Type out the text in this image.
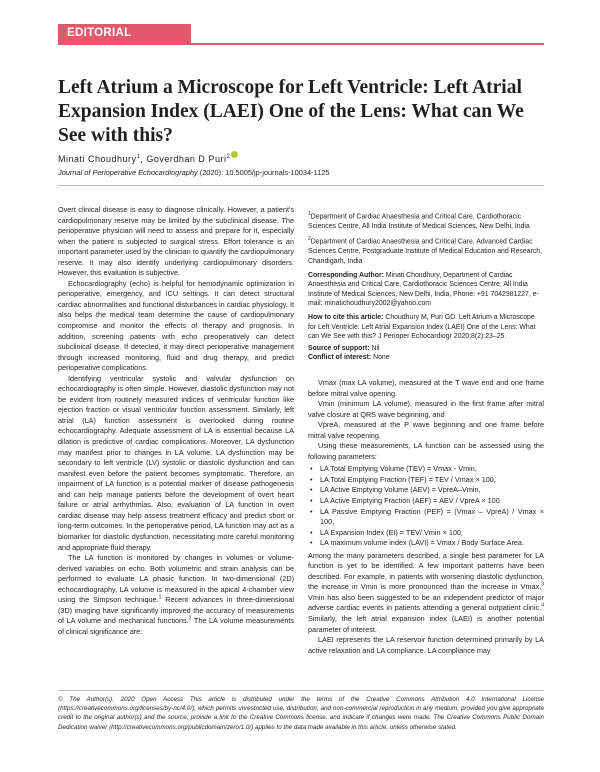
EDITORIAL
Left Atrium a Microscope for Left Ventricle: Left Atrial Expansion Index (LAEI) One of the Lens: What can We See with this?
Minati Choudhury$^1$, Goverdhan D Puri$^2$
Journal of Perioperative Echocardiography (2020): 10.5005/jp-journals-10034-1125

Overt clinical disease is easy to diagnose clinically. However, a patient's cardiopulmonary reserve may be limited by the subclinical disease. The perioperative physician will need to assess and prepare for it, especially when the patient is subjected to surgical stress. Effort tolerance is an important parameter used by the clinician to quantify the cardiopulmonary reserve. It may also identify underlying cardiopulmonary disorders. However, this evaluation is subjective.

Echocardiography (echo) is helpful for hemodynamic optimization in perioperative, emergency, and ICU settings. It can detect structural cardiac abnormalities and functional disturbances in cardiac physiology. It also helps the medical team determine the cause of cardiopulmonary compromise and monitor the effects of therapy and prognosis. In addition, screening patients with echo preoperatively can detect subclinical disease. If detected, it may direct perioperative management through increased monitoring, fluid and drug therapy, and predict perioperative complications.

Identifying ventricular systolic and valvular dysfunction on echocardiography is often simple. However, diastolic dysfunction may not be evident from routinely measured indices of ventricular function like ejection fraction or visual ventricular function assessment. Similarly, left atrial (LA) function assessment is overlooked during routine echocardiography. Adequate assessment of LA is essential because LA dilation is predictive of cardiac complications. Moreover, LA dysfunction may manifest prior to changes in LA volume. LA dysfunction may be secondary to left ventricle (LV) systolic or diastolic dysfunction and can manifest even before the patient becomes symptomatic. Therefore, an impairment of LA function is a potential marker of disease pathogenesis and can help manage patients before the development of overt heart failure or atrial arrhythmias. Also, evaluation of LA function in overt cardiac disease may help assess treatment efficacy and predict short or long-term outcomes. In the perioperative period, LA function may act as a biomarker for diastolic dysfunction, necessitating more careful monitoring and appropriate fluid therapy.

The LA function is monitored by changes in volumes or volume-derived variables on echo. Both volumetric and strain analysis can be performed to evaluate LA phasic function. In two-dimensional (2D) echocardiography, LA volume is measured in the apical 4-chamber view using the Simpson technique.$^1$ Recent advances in three-dimensional (3D) imaging have significantly improved the accuracy of measurements of LA volume and mechanical functions.$^2$ The LA volume measurements of clinical significance are:

$^1$Department of Cardiac Anaesthesia and Critical Care, Cardiothoracic Sciences Centre, All India Institute of Medical Sciences, New Delhi, India
$^2$Department of Cardiac Anaesthesia and Critical Care, Advanced Cardiac Sciences Centre, Postgraduate Institute of Medical Education and Research, Chandigarh, India
Corresponding Author: Minati Choudhury, Department of Cardiac Anaesthesia and Critical Care, Cardiothoracic Sciences Centre, All India Institute of Medical Sciences, New Delhi, India, Phone: +91 7042981227, e-mail: minatichoudhury2002@yahoo.com
How to cite this article: Choudhury M, Puri GD. Left Atrium a Microscope for Left Ventricle: Left Atrial Expansion Index (LAEI) One of the Lens: What can We See with this? J Perioper Echocardiogr 2020;8(2):23–25.
Source of support: Nil
Conflict of interest: None

Vmax (max LA volume), measured at the T wave end and one frame before mitral valve opening.

Vmin (minimum LA volume), measured in the first frame after mitral valve closure at QRS wave beginning, and

VpreA, measured at the P wave beginning and one frame before mitral valve reopening.

Using these measurements, LA function can be assessed using the following parameters:

• LA Total Emptying Volume (TEV) = Vmax - Vmin,
• LA Total Emptying Fraction (TEF) = TEV / Vmax × 100,
• LA Active Emptying Volume (AEV) = VpreA–Vmin,
• LA Active Emptying Fraction (AEF) = AEV / VpreA × 100
• LA Passive Emptying Fraction (PEF) = (Vmax – VpreA) / Vmax × 100,
• LA Expansion Index (EI) = TEV/ Vmin × 100,
• LA maximum volume index (LAVI) = Vmax / Body Surface Area.

Among the many parameters described, a single best parameter for LA function is yet to be identified. A few important patterns have been described. For example, in patients with worsening diastolic dysfunction, the increase in Vmin is more pronounced than the increase in Vmax.$^3$ Vmin has also been suggested to be an independent predictor of major adverse cardiac events in patients attending a general outpatient clinic.$^4$ Similarly, the left atrial expansion index (LAEI) is another potential parameter of interest.

LAEI represents the LA reservoir function determined primarily by LA active relaxation and LA compliance. LA compliance may

© The Author(s). 2020 Open Access This article is distributed under the terms of the Creative Commons Attribution 4.0 International License (https://creativecommons.org/licenses/by-nc/4.0/), which permits unrestricted use, distribution, and non-commercial reproduction in any medium, provided you give appropriate credit to the original author(s) and the source, provide a link to the Creative Commons license, and indicate if changes were made. The Creative Commons Public Domain Dedication waiver (http://creativecommons.org/publicdomain/zero/1.0/) applies to the data made available in this article, unless otherwise stated.
